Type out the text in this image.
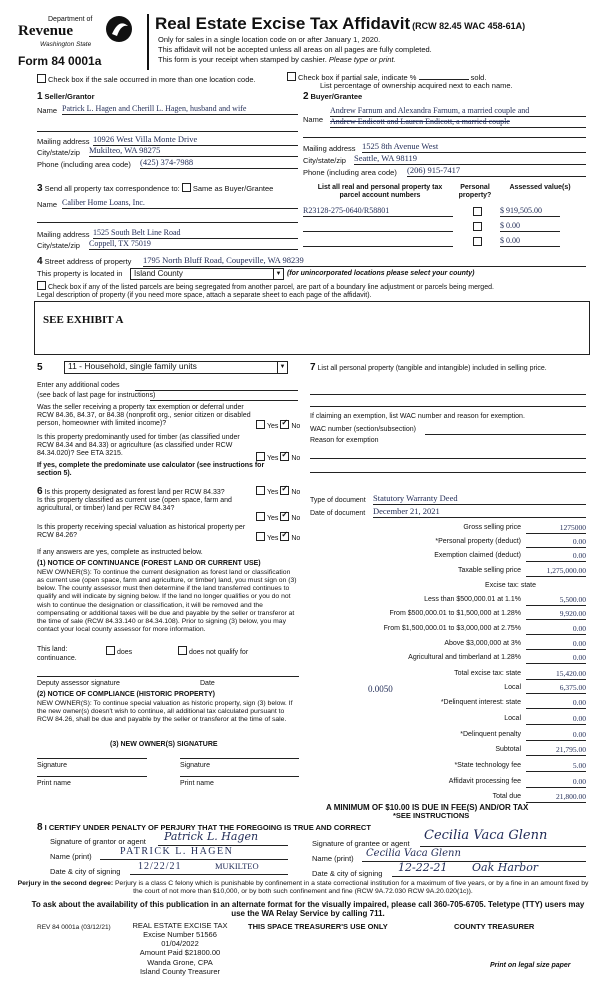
Department of
Revenue
Washington State
Form 84 0001a
Real Estate Excise Tax Affidavit (RCW 82.45 WAC 458-61A)
Only for sales in a single location code on or after January 1, 2020.
This affidavit will not be accepted unless all areas on all pages are fully completed.
This form is your receipt when stamped by cashier. Please type or print.
Check box if the sale occurred in more than one location code.	Check box if partial sale, indicate %	sold.
List percentage of ownership acquired next to each name.
1 Seller/Grantor
Name Patrick L. Hagen and Cherill L. Hagen, husband and wife
Mailing address 10926 West Villa Monte Drive
City/state/zip Mukilteo, WA 98275
Phone (including area code) (425) 374-7988
2 Buyer/Grantee
Name
Andrew Farnum and Alexandra Farnum, a married couple and
Andrew Endicott and Lauren Endicott, a married couple
Mailing address 1525 8th Avenue West
City/state/zip Seattle, WA 98119
Phone (including area code) (206) 915-7417
3 Send all property tax correspondence to: Same as Buyer/Grantee
Name Caliber Home Loans, Inc.
Mailing address 1525 South Belt Line Road
City/state/zip Coppell, TX 75019
List all real and personal property tax parcel account numbers
Personal property?
Assessed value(s)
R23128-275-0640/R58801	$ 919,505.00
$ 0.00
$ 0.00
4 Street address of property 1795 North Bluff Road, Coupeville, WA 98239
This property is located in Island County	▼ (for unincorporated locations please select your county)
Check box if any of the listed parcels are being segregated from another parcel, are part of a boundary line adjustment or parcels being merged.
Legal description of property (if you need more space, attach a separate sheet to each page of the affidavit).
SEE EXHIBIT A
5	11 - Household, single family units	▼
Enter any additional codes
(see back of last page for instructions)
Was the seller receiving a property tax exemption or deferral under RCW 84.36, 84.37, or 84.38 (nonprofit org., senior citizen or disabled person, homeowner with limited income)?	Yes ✓ No
Is this property predominantly used for timber (as classified under RCW 84.34 and 84.33) or agriculture (as classified under RCW 84.34.020)? See ETA 3215.
Yes ✓ No
If yes, complete the predominate use calculator (see instructions for section 5).
6 Is this property designated as forest land per RCW 84.33?	Yes ✓ No
Is this property classified as current use (open space, farm and agricultural, or timber) land per RCW 84.34?
Yes ✓ No
Is this property receiving special valuation as historical property per RCW 84.26?	Yes ✓ No
If any answers are yes, complete as instructed below.
(1) NOTICE OF CONTINUANCE (FOREST LAND OR CURRENT USE)
NEW OWNER(S): To continue the current designation as forest land or classification as current use (open space, farm and agriculture, or timber) land, you must sign on (3) below. The county assessor must then determine if the land transferred continues to qualify and will indicate by signing below. If the land no longer qualifies or you do not wish to continue the designation or classification, it will be removed and the compensating or additional taxes will be due and payable by the seller or transferor at the time of sale (RCW 84.33.140 or 84.34.108). Prior to signing (3) below, you may contact your local county assessor for more information.
This land:	does	does not qualify for
continuance.
Deputy assessor signature	Date
(2) NOTICE OF COMPLIANCE (HISTORIC PROPERTY)
NEW OWNER(S): To continue special valuation as historic property, sign (3) below. If the new owner(s) doesn't wish to continue, all additional tax calculated pursuant to RCW 84.26, shall be due and payable by the seller or transferor at the time of sale.
(3) NEW OWNER(S) SIGNATURE
Signature	Signature
Print name	Print name
7 List all personal property (tangible and intangible) included in selling price.
If claiming an exemption, list WAC number and reason for exemption.
WAC number (section/subsection)
Reason for exemption
Type of document Statutory Warranty Deed
Date of document December 21, 2021
Gross selling price	1275000
*Personal property (deduct)	0.00
Exemption claimed (deduct)	0.00
Taxable selling price	1,275,000.00
Excise tax: state
Less than $500,000.01 at 1.1%	5,500.00
From $500,000.01 to $1,500,000 at 1.28%	9,920.00
From $1,500,000.01 to $3,000,000 at 2.75%	0.00
Above $3,000,000 at 3%	0.00
Agricultural and timberland at 1.28%	0.00
Total excise tax: state	15,420.00
0.0050	Local	6,375.00
*Delinquent interest: state	0.00
Local	0.00
*Delinquent penalty	0.00
Subtotal	21,795.00
*State technology fee	5.00
Affidavit processing fee	0.00
Total due	21,800.00
A MINIMUM OF $10.00 IS DUE IN FEE(S) AND/OR TAX
*SEE INSTRUCTIONS
8 I CERTIFY UNDER PENALTY OF PERJURY THAT THE FOREGOING IS TRUE AND CORRECT
Signature of grantor or agent Patrick L. Hagen
Name (print)	PATRICK L. HAGEN
Date & city of signing 12/22/21	MUKILTEO
Signature of grantee or agent
Cecilia Vaca Glenn
Name (print) Cecilia Vaca Glenn
Date & city of signing 12-22-21 Oak Harbor
Perjury in the second degree: Perjury is a class C felony which is punishable by confinement in a state correctional institution for a maximum of five years, or by a fine in an amount fixed by the court of not more than $10,000, or by both such confinement and fine (RCW 9A.72.030 RCW 9A.20.020(1c)).
To ask about the availability of this publication in an alternate format for the visually impaired, please call 360-705-6705. Teletype (TTY) users may use the WA Relay Service by calling 711.
REV 84 0001a (03/12/21)	REAL ESTATE EXCISE TAX
Excise Number 51566
01/04/2022
Amount Paid $21800.00
Wanda Grone, CPA
Island County Treasurer
THIS SPACE TREASURER'S USE ONLY	COUNTY TREASURER
Print on legal size paper
